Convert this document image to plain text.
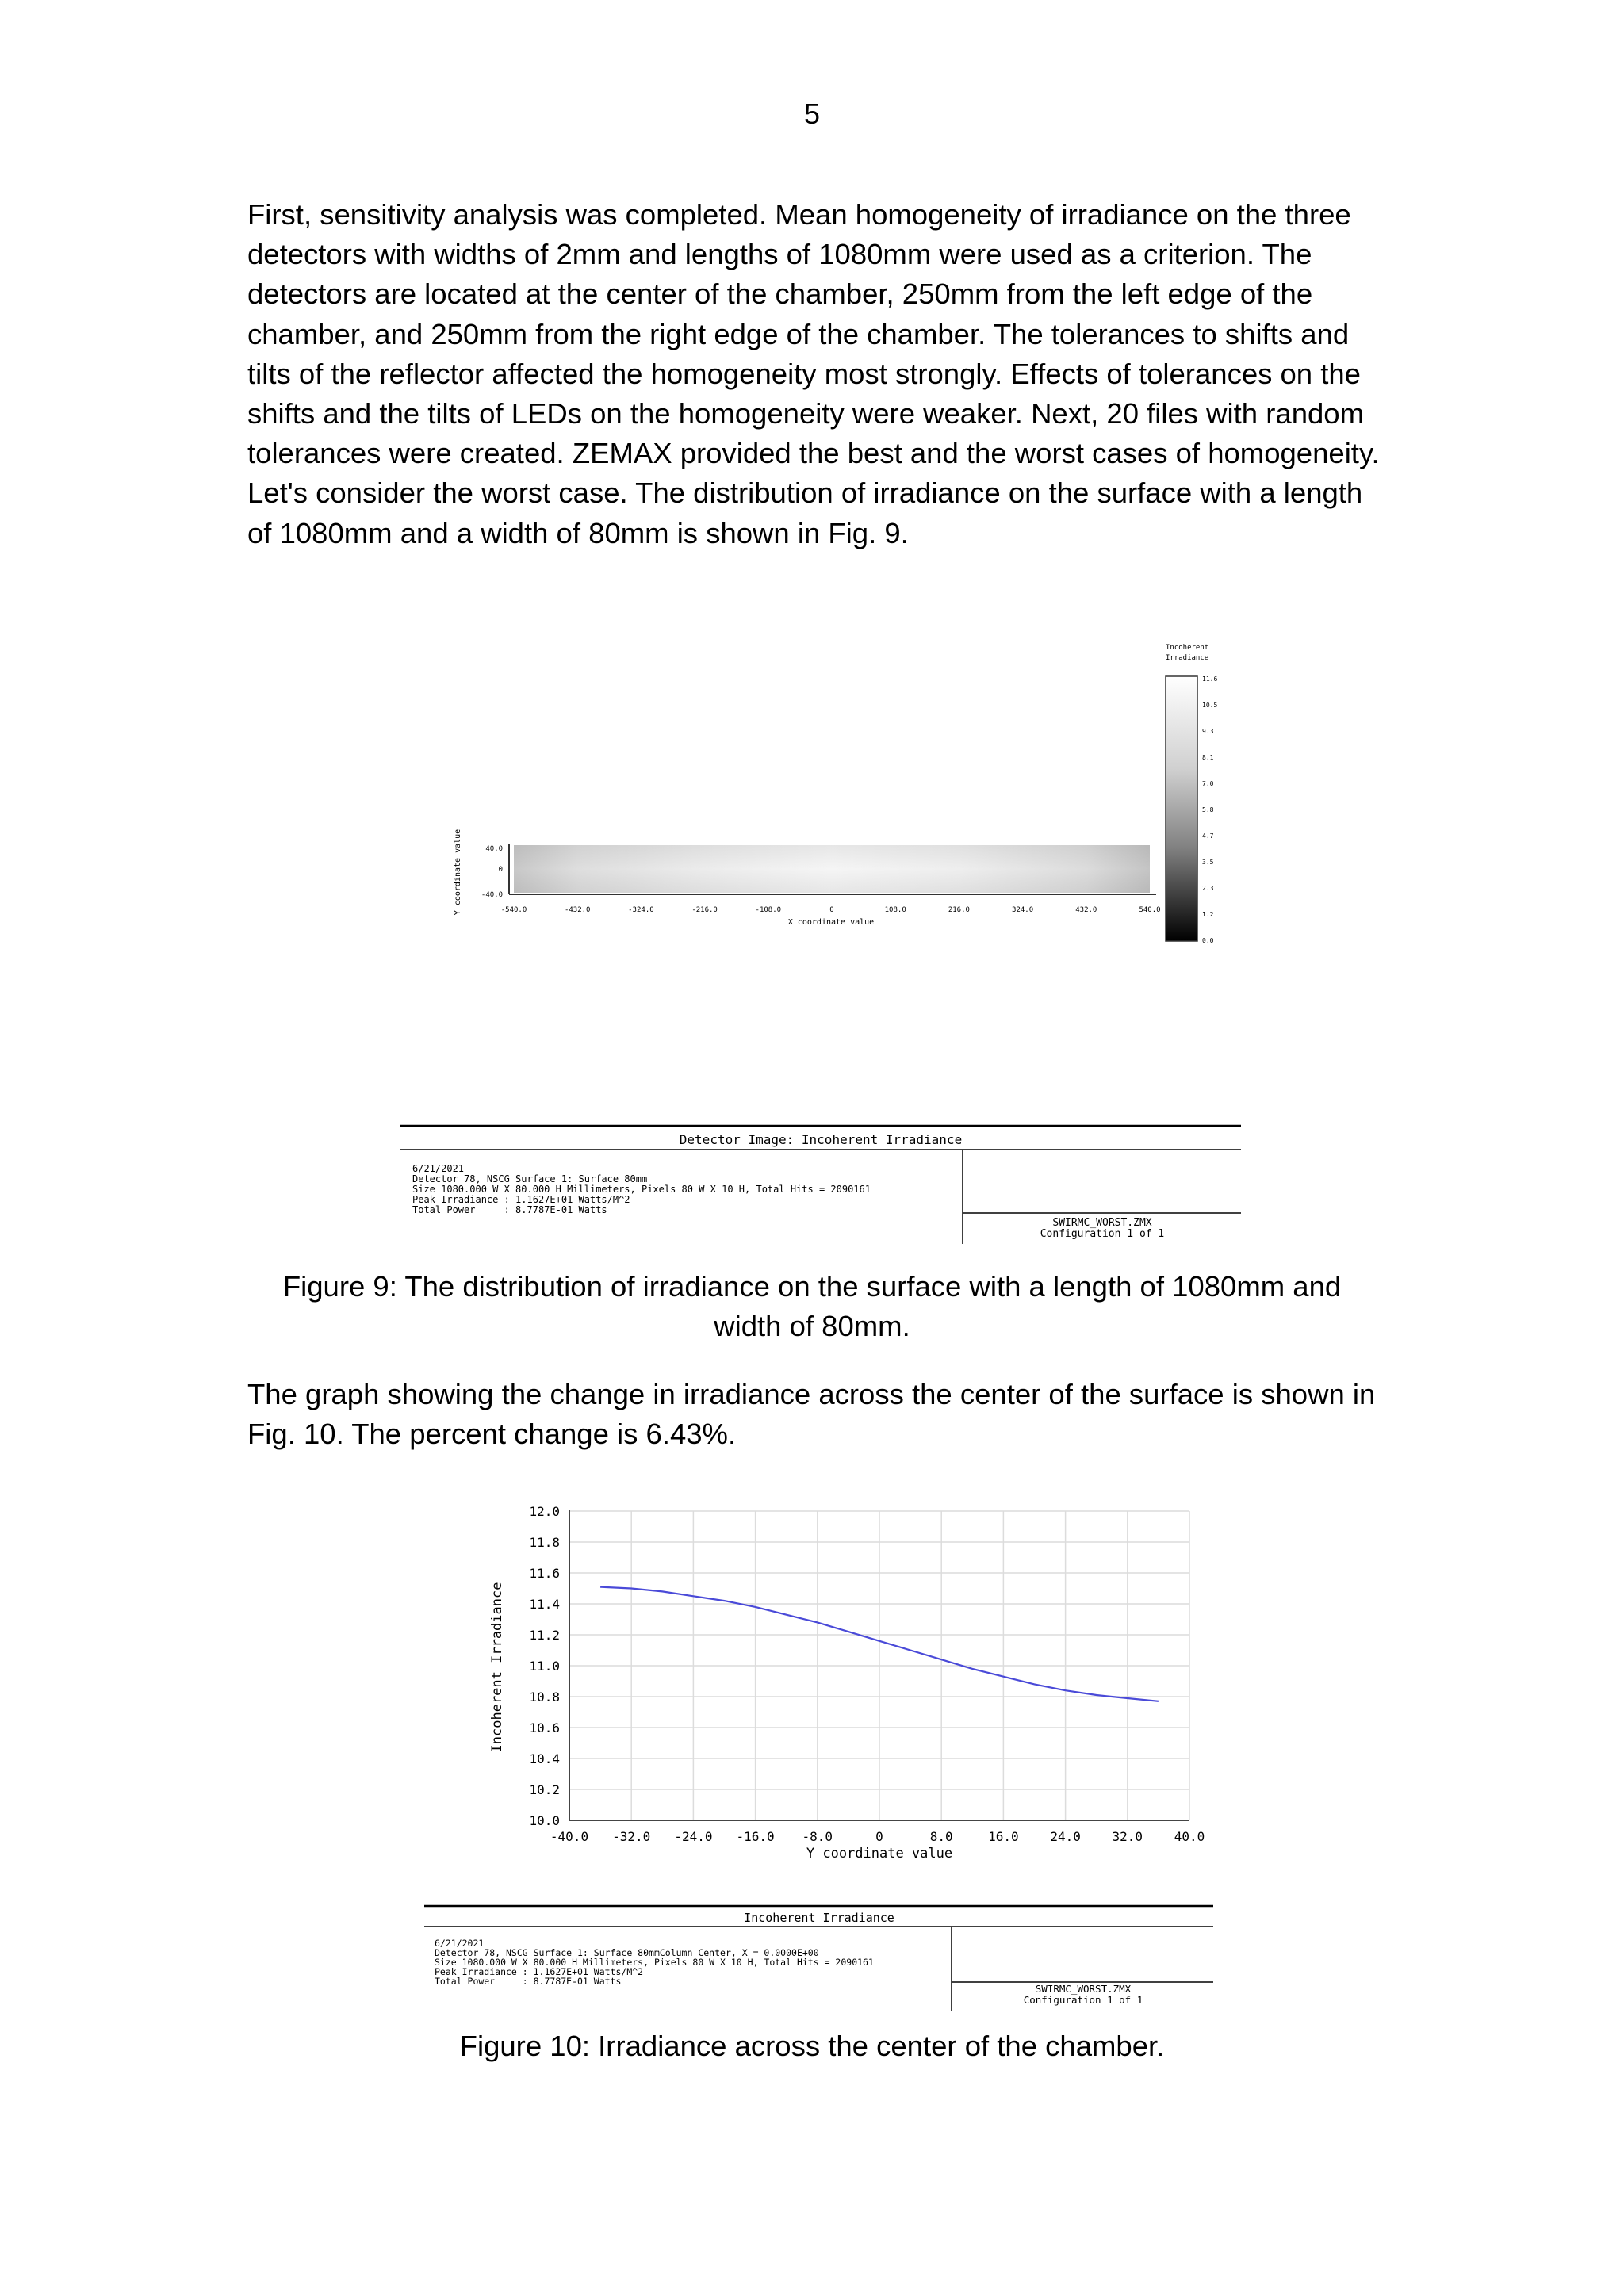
5

First, sensitivity analysis was completed. Mean homogeneity of irradiance on the three detectors with widths of 2mm and lengths of 1080mm were used as a criterion. The detectors are located at the center of the chamber, 250mm from the left edge of the chamber, and 250mm from the right edge of the chamber. The tolerances to shifts and tilts of the reflector affected the homogeneity most strongly. Effects of tolerances on the shifts and the tilts of LEDs on the homogeneity were weaker. Next, 20 files with random tolerances were created. ZEMAX provided the best and the worst cases of homogeneity. Let's consider the worst case. The distribution of irradiance on the surface with a length of 1080mm and a width of 80mm is shown in Fig. 9.

40.0
0
-40.0
-540.0	-432.0	-324.0	-216.0	-108.0	0	108.0	216.0	324.0	432.0	540.0
Y coordinate value
X coordinate value
Incoherent
Irradiance
11.6
10.5
9.3
8.1
7.0
5.8
4.7
3.5
2.3
1.2
0.0
Detector Image: Incoherent Irradiance
6/21/2021
Detector 78, NSCG Surface 1: Surface 80mm
Size 1080.000 W X 80.000 H Millimeters, Pixels 80 W X 10 H, Total Hits = 2090161
Peak Irradiance : 1.1627E+01 Watts/M^2
Total Power     : 8.7787E-01 Watts
SWIRMC_WORST.ZMX
Configuration 1 of 1

Figure 9: The distribution of irradiance on the surface with a length of 1080mm and width of 80mm.

The graph showing the change in irradiance across the center of the surface is shown in Fig. 10. The percent change is 6.43%.

12.0
11.8
11.6
11.4
11.2
11.0
10.8
10.6
10.4
10.2
10.0
-40.0 -32.0 -24.0 -16.0 -8.0	0	8.0	16.0 24.0 32.0 40.0
Incoherent Irradiance
Y coordinate value
Incoherent Irradiance
6/21/2021
Detector 78, NSCG Surface 1: Surface 80mmColumn Center, X = 0.0000E+00
Size 1080.000 W X 80.000 H Millimeters, Pixels 80 W X 10 H, Total Hits = 2090161
Peak Irradiance : 1.1627E+01 Watts/M^2
Total Power     : 8.7787E-01 Watts
SWIRMC_WORST.ZMX
Configuration 1 of 1

Figure 10: Irradiance across the center of the chamber.
